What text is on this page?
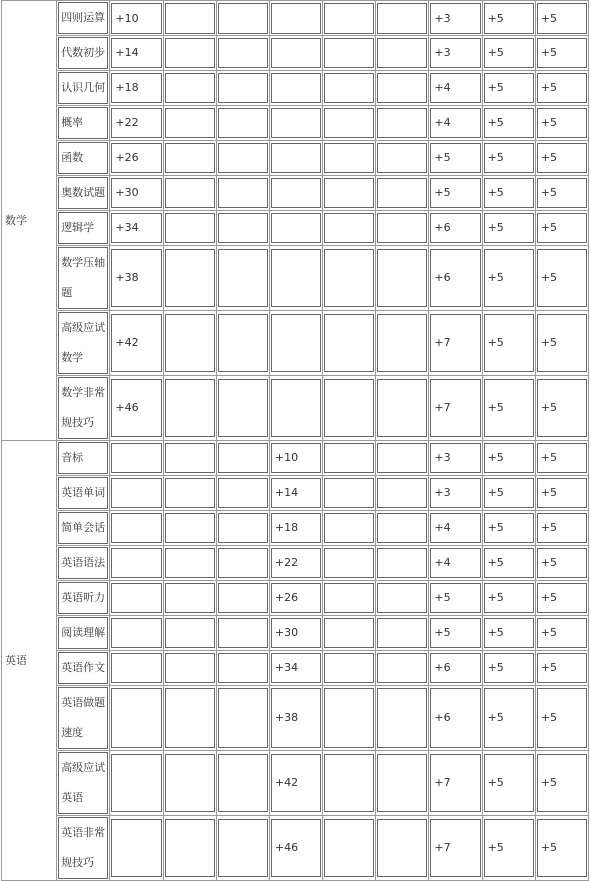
数学	四则运算	+10						+3	+5	+5

	代数初步	+14						+3	+5	+5

	认识几何	+18						+4	+5	+5

	概率	+22						+4	+5	+5

	函数	+26						+5	+5	+5

	奥数试题	+30						+5	+5	+5

	逻辑学	+34						+6	+5	+5

	数学压轴题	+38						+6	+5	+5

	高级应试数学	+42						+7	+5	+5

	数学非常规技巧	+46						+7	+5	+5

英语	音标				+10			+3	+5	+5

	英语单词				+14			+3	+5	+5

	简单会话				+18			+4	+5	+5

	英语语法				+22			+4	+5	+5

	英语听力				+26			+5	+5	+5

	阅读理解				+30			+5	+5	+5

	英语作文				+34			+6	+5	+5

	英语做题速度				+38			+6	+5	+5

	高级应试英语				+42			+7	+5	+5

	英语非常规技巧				+46			+7	+5	+5
